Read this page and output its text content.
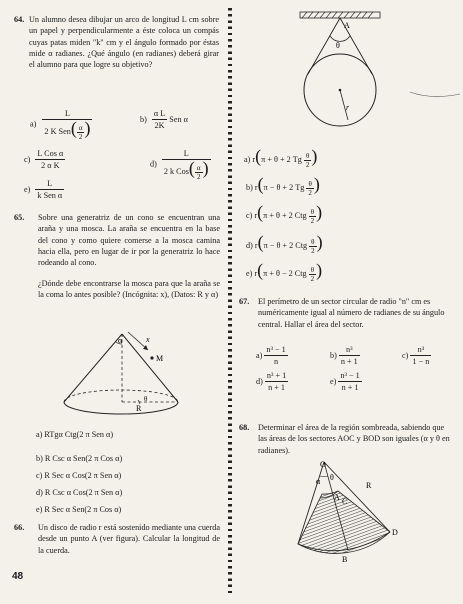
64. Un alumno desea dibujar un arco de longitud L cm sobre un papel y perpendicularmente a éste coloca un compás cuyas patas miden "k" cm y el ángulo formado por éstas mide α radianes. ¿Qué ángulo (en radianes) deberá girar el alumno para que logre su objetivo?
a)
L
2 K $Sen( \frac{\alpha}{2}$ )	$b) \frac{\text{α L}}{2K}$ Sen α
c)
L Cos α
2 α K	d)
L
2 k $Cos( \frac{\alpha}{2}$ )
e)
L
k Sen α
65. Sobre una generatriz de un cono se encuentran una araña y una mosca. La araña se encuentra en la base del cono y como quiere comerse a la mosca camina hacia ella, pero en lugar de ir por la generatriz lo hace rodeando al cono.
¿Dónde debe encontrarse la mosca para que la araña se la coma lo antes posible? (Incógnita: x), (Datos: R y α)
α	x
M
R
θ
a) RTgα Ctg(2 π Sen α)
b) R Csc α Sen(2 π Cos α)
c) R Sec α Cos(2 π Sen α)
d) R Csc α Cos(2 π Sen α)
e) R Sec α Sen(2 π Cos α)
66. Un disco de radio r está sostenido mediante una cuerda desde un punto A (ver figura). Calcular la longitud de la cuerda.
48
A
θ
r
a) r(π + θ + 2 Tg $\frac{\theta}{2}$ )
b) r(π − θ + 2 Tg $\frac{\theta}{2}$ )
c) r(π + θ + 2 Ctg $\frac{\theta}{2}$ )
d) r(π − θ + 2 Ctg $\frac{\theta}{2}$ )
e) r(π + θ − 2 Ctg $\frac{\theta}{2}$ )
67. El perímetro de un sector circular de radio "n" cm es numéricamente igual al número de radianes de su ángulo central. Hallar el área del sector.
$a) \frac{\text{n³ − 1}}{n}$	$b) \frac{\text{n³}}{n + 1}$	$c) \frac{\text{n³}}{1 - n}$
$d) \frac{\text{n³ + 1}}{n + 1}$	$e) \frac{\text{n³ − 1}}{n + 1}$
68. Determinar el área de la región sombreada, sabiendo que las áreas de los sectores AOC y BOD son iguales (α y θ en radianes).
O
α θ
R
A C
D
B
